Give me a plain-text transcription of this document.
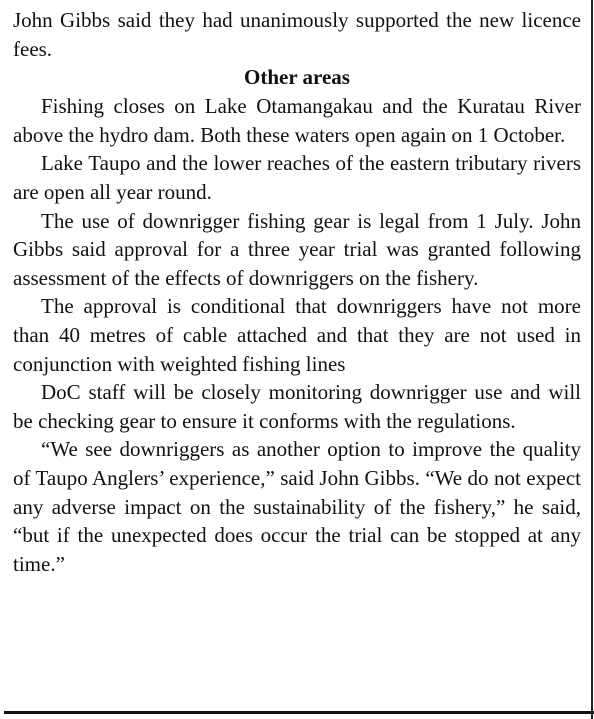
John Gibbs said they had unanimously supported the new licence fees.

Other areas

Fishing closes on Lake Otamangakau and the Kuratau River above the hydro dam. Both these waters open again on 1 October.

Lake Taupo and the lower reaches of the eastern tributary rivers are open all year round.

The use of downrigger fishing gear is legal from 1 July. John Gibbs said approval for a three year trial was granted following assessment of the effects of downriggers on the fishery.

The approval is conditional that downriggers have not more than 40 metres of cable attached and that they are not used in conjunction with weighted fishing lines

DoC staff will be closely monitoring downrigger use and will be checking gear to ensure it conforms with the regulations.

“We see downriggers as another option to improve the quality of Taupo Anglers’ experience,” said John Gibbs. “We do not expect any adverse impact on the sustainability of the fishery,” he said, “but if the unexpected does occur the trial can be stopped at any time.”
